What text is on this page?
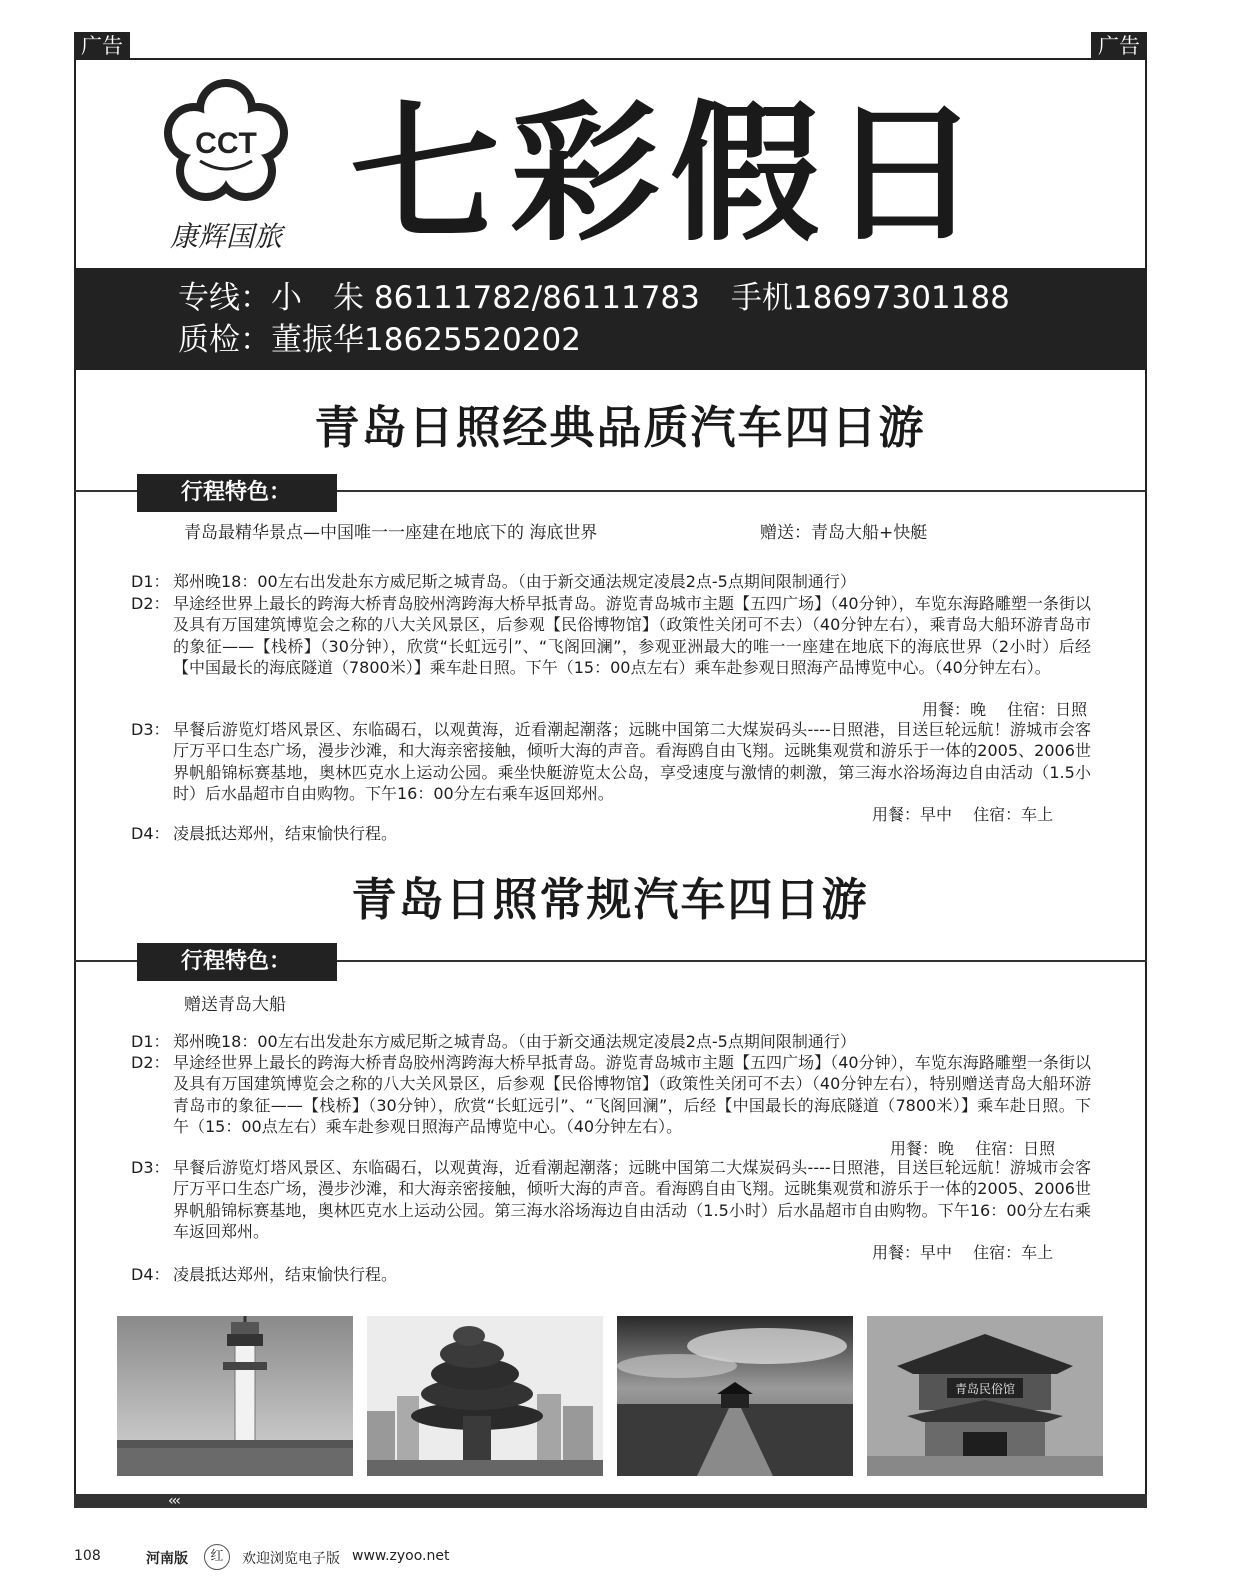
广告	广告
CCT
康辉国旅 七彩假日
专线：小　朱 86111782/86111783　手机18697301188
质检：董振华18625520202
青岛日照经典品质汽车四日游
行程特色：
青岛最精华景点—中国唯一一座建在地底下的 海底世界	赠送：青岛大船+快艇
D1： 郑州晚18：00左右出发赴东方威尼斯之城青岛。（由于新交通法规定凌晨2点-5点期间限制通行）
D2： 早途经世界上最长的跨海大桥青岛胶州湾跨海大桥早抵青岛。游览青岛城市主题【五四广场】（40分钟），车览东海路雕塑一条街以及具有万国建筑博览会之称的八大关风景区，后参观【民俗博物馆】（政策性关闭可不去）（40分钟左右），乘青岛大船环游青岛市的象征——【栈桥】（30分钟），欣赏“长虹远引”、“飞阁回澜”，参观亚洲最大的唯一一座建在地底下的海底世界（2小时）后经【中国最长的海底隧道（7800米）】乘车赴日照。下午（15：00点左右）乘车赴参观日照海产品博览中心。（40分钟左右）。
用餐：晚　 住宿：日照
D3： 早餐后游览灯塔风景区、东临碣石，以观黄海，近看潮起潮落；远眺中国第二大煤炭码头----日照港，目送巨轮远航！游城市会客厅万平口生态广场，漫步沙滩，和大海亲密接触，倾听大海的声音。看海鸥自由飞翔。远眺集观赏和游乐于一体的2005、2006世界帆船锦标赛基地，奥林匹克水上运动公园。乘坐快艇游览太公岛，享受速度与激情的刺激，第三海水浴场海边自由活动（1.5小时）后水晶超市自由购物。下午16：00分左右乘车返回郑州。
用餐：早中　 住宿：车上
D4： 凌晨抵达郑州，结束愉快行程。
青岛日照常规汽车四日游
行程特色：
赠送青岛大船
D1： 郑州晚18：00左右出发赴东方威尼斯之城青岛。（由于新交通法规定凌晨2点-5点期间限制通行）
D2： 早途经世界上最长的跨海大桥青岛胶州湾跨海大桥早抵青岛。游览青岛城市主题【五四广场】（40分钟），车览东海路雕塑一条街以及具有万国建筑博览会之称的八大关风景区，后参观【民俗博物馆】（政策性关闭可不去）（40分钟左右），特别赠送青岛大船环游青岛市的象征——【栈桥】（30分钟），欣赏“长虹远引”、“飞阁回澜”，后经【中国最长的海底隧道（7800米）】乘车赴日照。下午（15：00点左右）乘车赴参观日照海产品博览中心。（40分钟左右）。
用餐：晚　 住宿：日照
D3： 早餐后游览灯塔风景区、东临碣石，以观黄海，近看潮起潮落；远眺中国第二大煤炭码头----日照港，目送巨轮远航！游城市会客厅万平口生态广场，漫步沙滩，和大海亲密接触，倾听大海的声音。看海鸥自由飞翔。远眺集观赏和游乐于一体的2005、2006世界帆船锦标赛基地，奥林匹克水上运动公园。第三海水浴场海边自由活动（1.5小时）后水晶超市自由购物。下午16：00分左右乘车返回郑州。
用餐：早中　 住宿：车上
D4： 凌晨抵达郑州，结束愉快行程。
青岛民俗馆
‹‹‹
108	河南版	红	欢迎浏览电子版 www.zyoo.net
